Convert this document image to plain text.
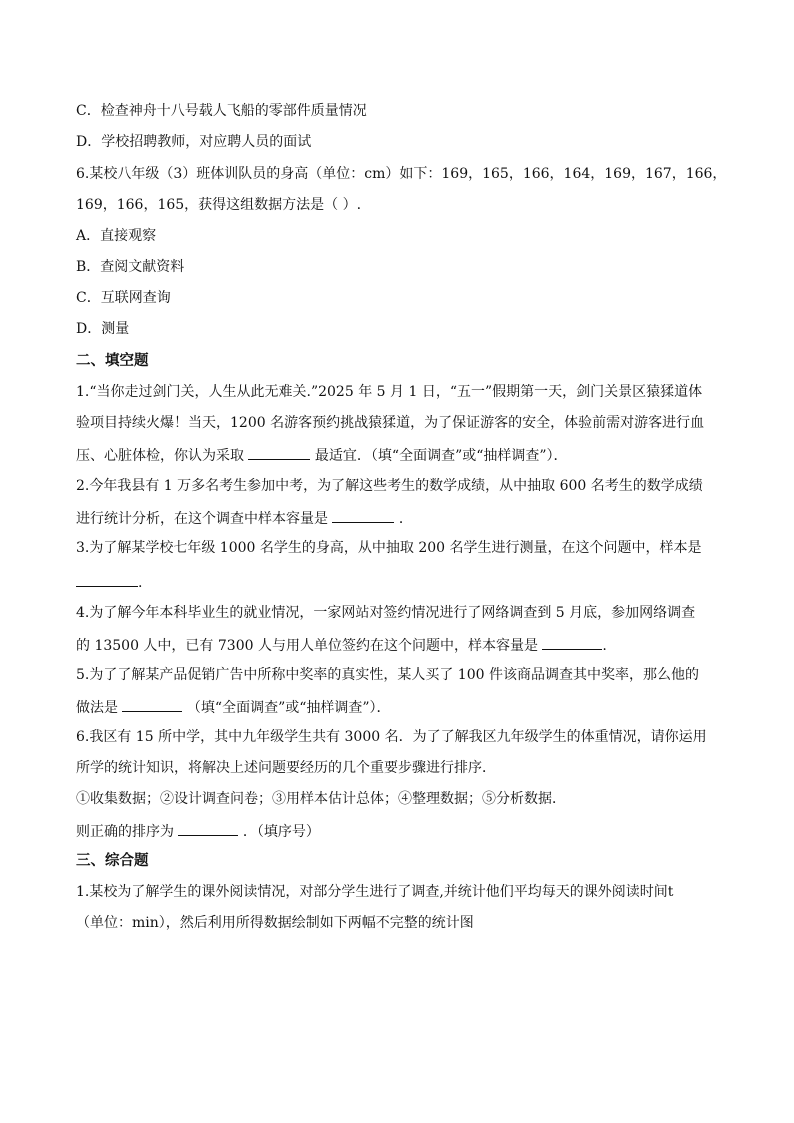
C．检查神舟十八号载人飞船的零部件质量情况
D．学校招聘教师，对应聘人员的面试
6.某校八年级（3）班体训队员的身高（单位：cm）如下：169，165，166，164，169，167，166，
169，166，165，获得这组数据方法是（ ）.
A．直接观察
B．查阅文献资料
C．互联网查询
D．测量
二、填空题
1.“当你走过剑门关，人生从此无难关.”2025 年 5 月 1 日，“五一”假期第一天，剑门关景区猿猱道体
验项目持续火爆！当天，1200 名游客预约挑战猿猱道，为了保证游客的安全，体验前需对游客进行血
压、心脏体检，你认为采取	最适宜．（填“全面调查”或“抽样调查”）．
2.今年我县有 1 万多名考生参加中考，为了解这些考生的数学成绩，从中抽取 600 名考生的数学成绩
进行统计分析，在这个调查中样本容量是	．
3.为了解某学校七年级 1000 名学生的身高，从中抽取 200 名学生进行测量，在这个问题中，样本是
.
4.为了解今年本科毕业生的就业情况，一家网站对签约情况进行了网络调查到 5 月底，参加网络调查
的 13500 人中，已有 7300 人与用人单位签约在这个问题中，样本容量是	.
5.为了了解某产品促销广告中所称中奖率的真实性，某人买了 100 件该商品调查其中奖率，那么他的
做法是	（填“全面调查”或“抽样调查”）．
6.我区有 15 所中学，其中九年级学生共有 3000 名．为了了解我区九年级学生的体重情况，请你运用
所学的统计知识，将解决上述问题要经历的几个重要步骤进行排序．
①收集数据；②设计调查问卷；③用样本估计总体；④整理数据；⑤分析数据．
则正确的排序为	．（填序号）
三、综合题
1.某校为了解学生的课外阅读情况，对部分学生进行了调查,并统计他们平均每天的课外阅读时间t
（单位：min），然后利用所得数据绘制如下两幅不完整的统计图
